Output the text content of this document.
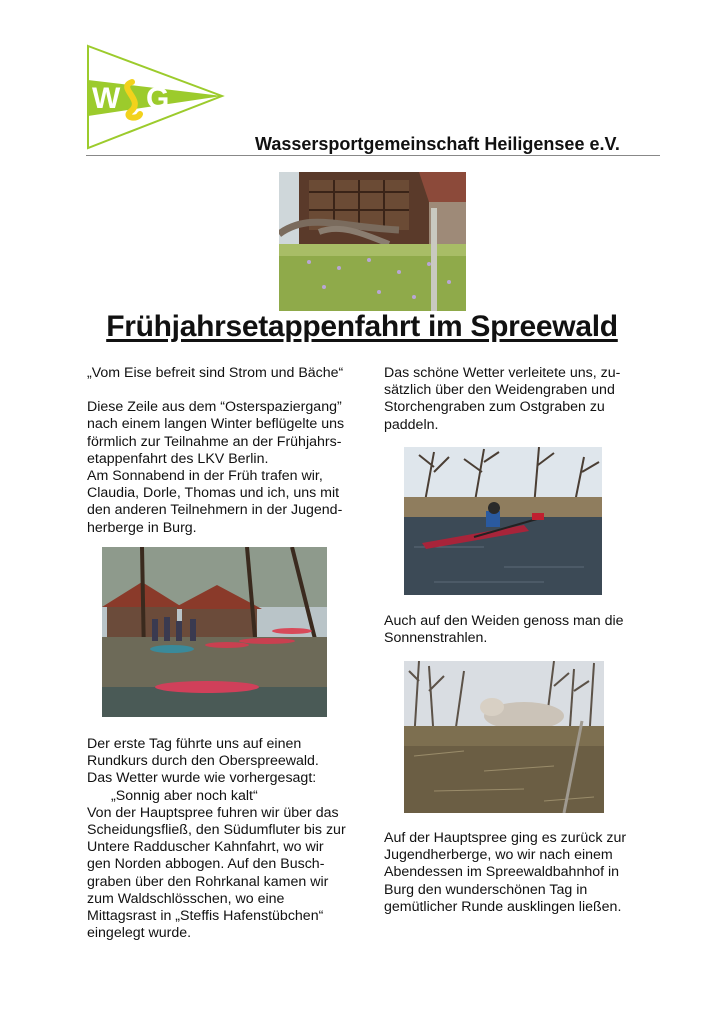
W G
Wassersportgemeinschaft Heiligensee e.V.
Frühjahrsetappenfahrt im Spreewald

„Vom Eise befreit sind Strom und Bäche“

Diese Zeile aus dem “Osterspaziergang”

nach einem langen Winter beflügelte uns

förmlich zur Teilnahme an der Frühjahrs-

etappenfahrt des LKV Berlin.

Am Sonnabend in der Früh trafen wir,

Claudia, Dorle, Thomas und ich, uns mit

den anderen Teilnehmern in der Jugend-

herberge in Burg.

Der erste Tag führte uns auf einen

Rundkurs durch den Oberspreewald.

Das Wetter wurde wie vorhergesagt:

„Sonnig aber noch kalt“

Von der Hauptspree fuhren wir über das

Scheidungsfließ, den Südumfluter bis zur

Untere Radduscher Kahnfahrt, wo wir

gen Norden abbogen. Auf den Busch-

graben über den Rohrkanal kamen wir

zum Waldschlösschen, wo eine

Mittagsrast in „Steffis Hafenstübchen“

eingelegt wurde.

Das schöne Wetter verleitete uns, zu-

sätzlich über den Weidengraben und

Storchengraben zum Ostgraben zu

paddeln.

Auch auf den Weiden genoss man die

Sonnenstrahlen.

Auf der Hauptspree ging es zurück zur

Jugendherberge, wo wir nach einem

Abendessen im Spreewaldbahnhof in

Burg den wunderschönen Tag in

gemütlicher Runde ausklingen ließen.
